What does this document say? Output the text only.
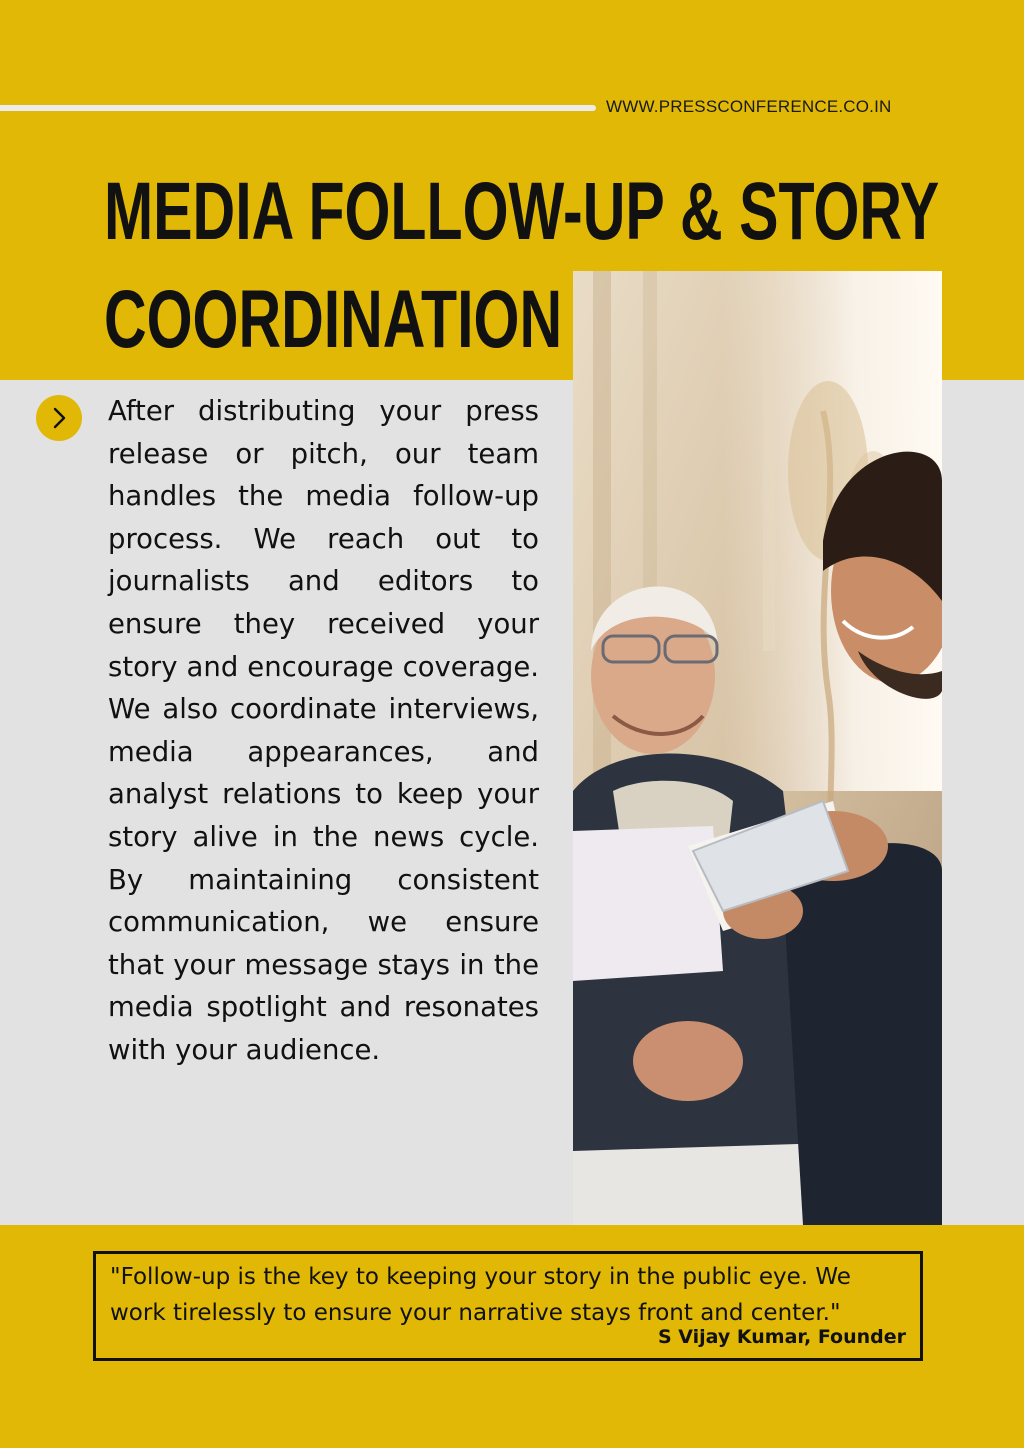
WWW.PRESSCONFERENCE.CO.IN
MEDIA FOLLOW-UP & STORY
COORDINATION

After distributing your press release or pitch, our team handles the media follow-up process. We reach out to journalists and editors to ensure they received your story and encourage coverage. We also coordinate interviews, media appearances, and analyst relations to keep your story alive in the news cycle. By maintaining consistent communication, we ensure that your message stays in the media spotlight and resonates with your audience.

"Follow-up is the key to keeping your story in the public eye. We work tirelessly to ensure your narrative stays front and center."

S Vijay Kumar, Founder
